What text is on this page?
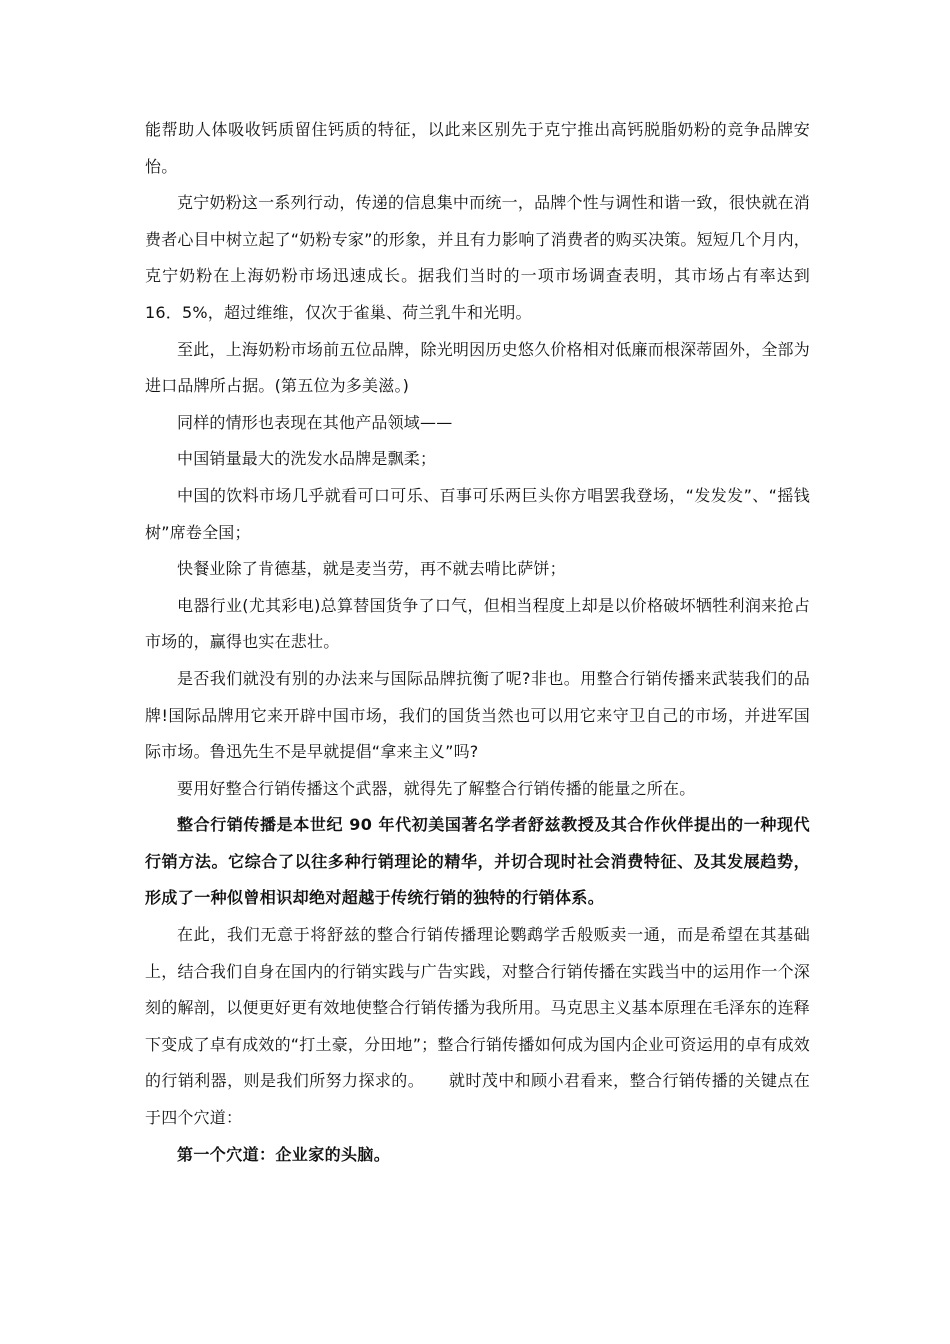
能帮助人体吸收钙质留住钙质的特征，以此来区别先于克宁推出高钙脱脂奶粉的竞争品牌安怡。

克宁奶粉这一系列行动，传递的信息集中而统一，品牌个性与调性和谐一致，很快就在消费者心目中树立起了“奶粉专家”的形象，并且有力影响了消费者的购买决策。短短几个月内，克宁奶粉在上海奶粉市场迅速成长。据我们当时的一项市场调查表明，其市场占有率达到 16．5%，超过维维，仅次于雀巢、荷兰乳牛和光明。

至此，上海奶粉市场前五位品牌，除光明因历史悠久价格相对低廉而根深蒂固外，全部为进口品牌所占据。(第五位为多美滋。)

同样的情形也表现在其他产品领域——

中国销量最大的洗发水品牌是飘柔；

中国的饮料市场几乎就看可口可乐、百事可乐两巨头你方唱罢我登场，“发发发”、“摇钱树”席卷全国；

快餐业除了肯德基，就是麦当劳，再不就去啃比萨饼；

电器行业(尤其彩电)总算替国货争了口气，但相当程度上却是以价格破坏牺牲利润来抢占市场的，赢得也实在悲壮。

是否我们就没有别的办法来与国际品牌抗衡了呢?非也。用整合行销传播来武装我们的品牌!国际品牌用它来开辟中国市场，我们的国货当然也可以用它来守卫自己的市场，并进军国际市场。鲁迅先生不是早就提倡“拿来主义”吗?

要用好整合行销传播这个武器，就得先了解整合行销传播的能量之所在。

整合行销传播是本世纪 90 年代初美国著名学者舒兹教授及其合作伙伴提出的一种现代行销方法。它综合了以往多种行销理论的精华，并切合现时社会消费特征、及其发展趋势，形成了一种似曾相识却绝对超越于传统行销的独特的行销体系。

在此，我们无意于将舒兹的整合行销传播理论鹦鹉学舌般贩卖一通，而是希望在其基础上，结合我们自身在国内的行销实践与广告实践，对整合行销传播在实践当中的运用作一个深刻的解剖，以便更好更有效地使整合行销传播为我所用。马克思主义基本原理在毛泽东的连释下变成了卓有成效的“打土豪，分田地”；整合行销传播如何成为国内企业可资运用的卓有成效的行销利器，则是我们所努力探求的。　　就时茂中和顾小君看来，整合行销传播的关键点在于四个穴道：

第一个穴道：企业家的头脑。
